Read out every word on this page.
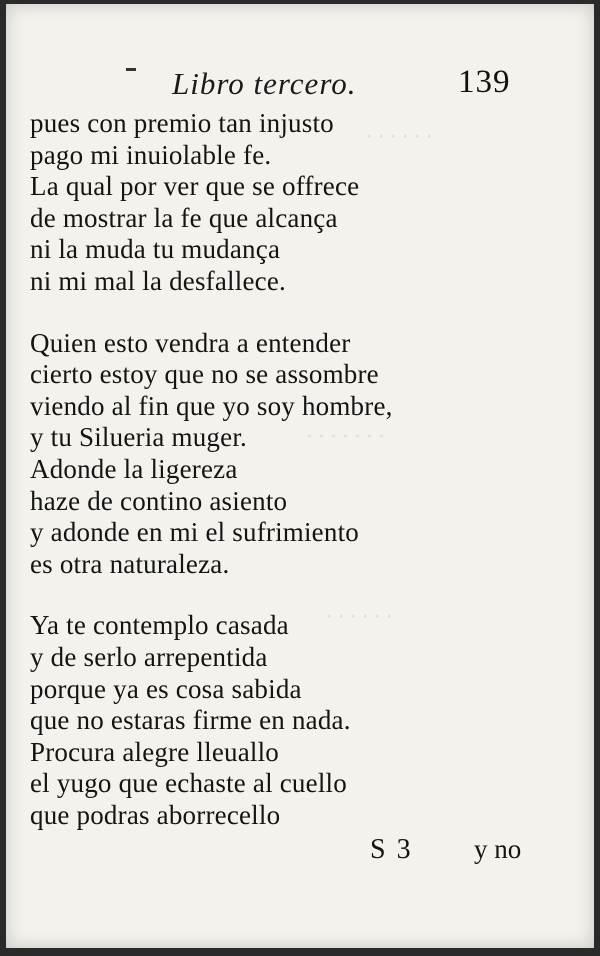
· · · · · ·
· · · · · · ·
· · · · · ·
Libro tercero.	139
pues con premio tan injusto
pago mi inuiolable fe.
La qual por ver que se offrece
de mostrar la fe que alcança
ni la muda tu mudança
ni mi mal la desfallece.
Quien esto vendra a entender
cierto estoy que no se assombre
viendo al fin que yo soy hombre,
y tu Silueria muger.
Adonde la ligereza
haze de contino asiento
y adonde en mi el sufrimiento
es otra naturaleza.
Ya te contemplo casada
y de serlo arrepentida
porque ya es cosa sabida
que no estaras firme en nada.
Procura alegre lleuallo
el yugo que echaste al cuello
que podras aborrecello
S 3 y no
